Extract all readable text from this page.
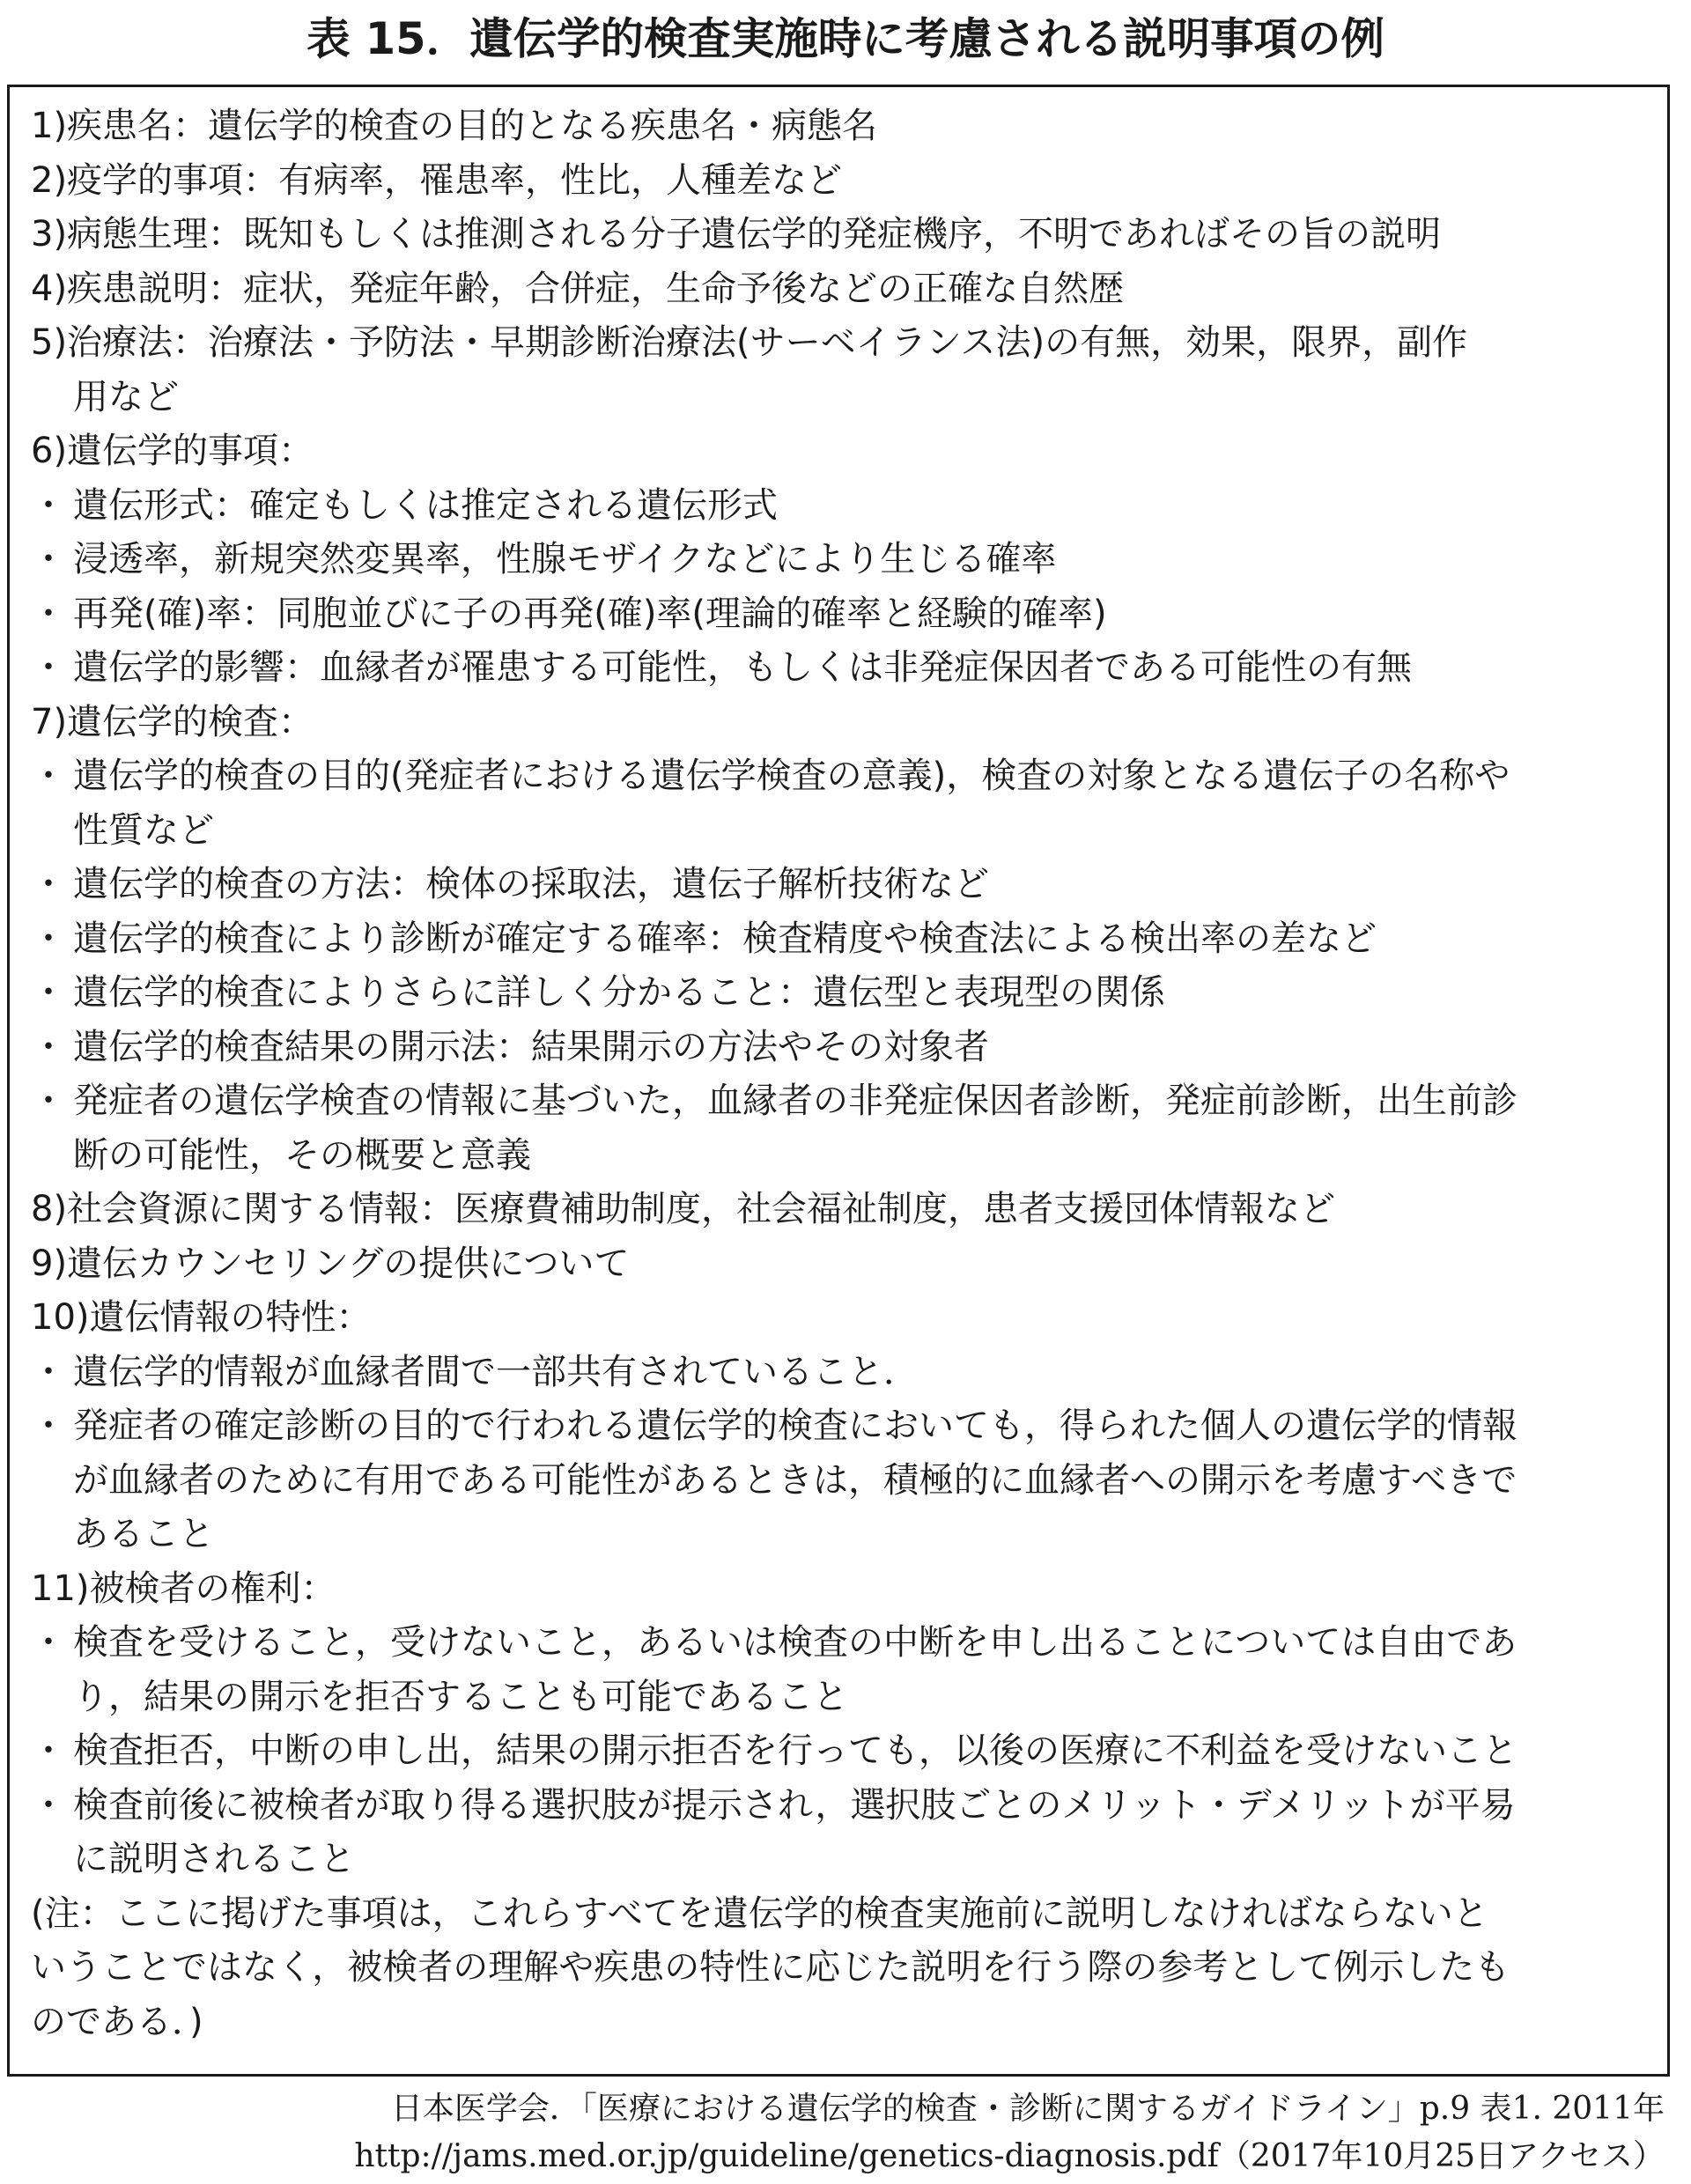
表 15．遺伝学的検査実施時に考慮される説明事項の例
1)疾患名：遺伝学的検査の目的となる疾患名・病態名
2)疫学的事項：有病率，罹患率，性比，人種差など
3)病態生理：既知もしくは推測される分子遺伝学的発症機序，不明であればその旨の説明
4)疾患説明：症状，発症年齢，合併症，生命予後などの正確な自然歴
5)治療法：治療法・予防法・早期診断治療法(サーベイランス法)の有無，効果，限界，副作
用など
6)遺伝学的事項：
・ 遺伝形式：確定もしくは推定される遺伝形式
・ 浸透率，新規突然変異率，性腺モザイクなどにより生じる確率
・ 再発(確)率：同胞並びに子の再発(確)率(理論的確率と経験的確率)
・ 遺伝学的影響：血縁者が罹患する可能性，もしくは非発症保因者である可能性の有無
7)遺伝学的検査：
・ 遺伝学的検査の目的(発症者における遺伝学検査の意義)，検査の対象となる遺伝子の名称や
性質など
・ 遺伝学的検査の方法：検体の採取法，遺伝子解析技術など
・ 遺伝学的検査により診断が確定する確率：検査精度や検査法による検出率の差など
・ 遺伝学的検査によりさらに詳しく分かること：遺伝型と表現型の関係
・ 遺伝学的検査結果の開示法：結果開示の方法やその対象者
・ 発症者の遺伝学検査の情報に基づいた，血縁者の非発症保因者診断，発症前診断，出生前診
断の可能性，その概要と意義
8)社会資源に関する情報：医療費補助制度，社会福祉制度，患者支援団体情報など
9)遺伝カウンセリングの提供について
10)遺伝情報の特性：
・ 遺伝学的情報が血縁者間で一部共有されていること．
・ 発症者の確定診断の目的で行われる遺伝学的検査においても，得られた個人の遺伝学的情報
が血縁者のために有用である可能性があるときは，積極的に血縁者への開示を考慮すべきで
あること
11)被検者の権利：
・ 検査を受けること，受けないこと，あるいは検査の中断を申し出ることについては自由であ
り，結果の開示を拒否することも可能であること
・ 検査拒否，中断の申し出，結果の開示拒否を行っても，以後の医療に不利益を受けないこと
・ 検査前後に被検者が取り得る選択肢が提示され，選択肢ごとのメリット・デメリットが平易
に説明されること
(注：ここに掲げた事項は，これらすべてを遺伝学的検査実施前に説明しなければならないと
いうことではなく，被検者の理解や疾患の特性に応じた説明を行う際の参考として例示したも
のである．)
日本医学会．「医療における遺伝学的検査・診断に関するガイドライン」p.9 表1. 2011年
http://jams.med.or.jp/guideline/genetics-diagnosis.pdf（2017年10月25日アクセス）
